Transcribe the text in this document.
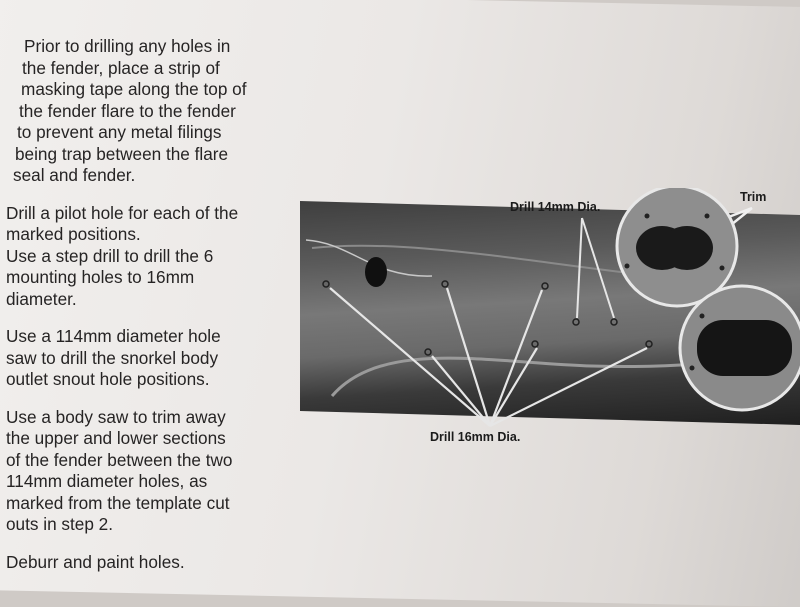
Prior to drilling any holes in
the fender, place a strip of
masking tape along the top of
the fender flare to the fender
to prevent any metal filings
being trap between the flare
seal and fender.

Drill a pilot hole for each of the
marked positions.
Use a step drill to drill the 6
mounting holes to 16mm
diameter.

Use a 114mm diameter hole
saw to drill the snorkel body
outlet snout hole positions.

Use a body saw to trim away
the upper and lower sections
of the fender between the two
114mm diameter holes, as
marked from the template cut
outs in step 2.

Deburr and paint holes.

Drill 14mm Dia.
Trim
Drill 16mm Dia.
